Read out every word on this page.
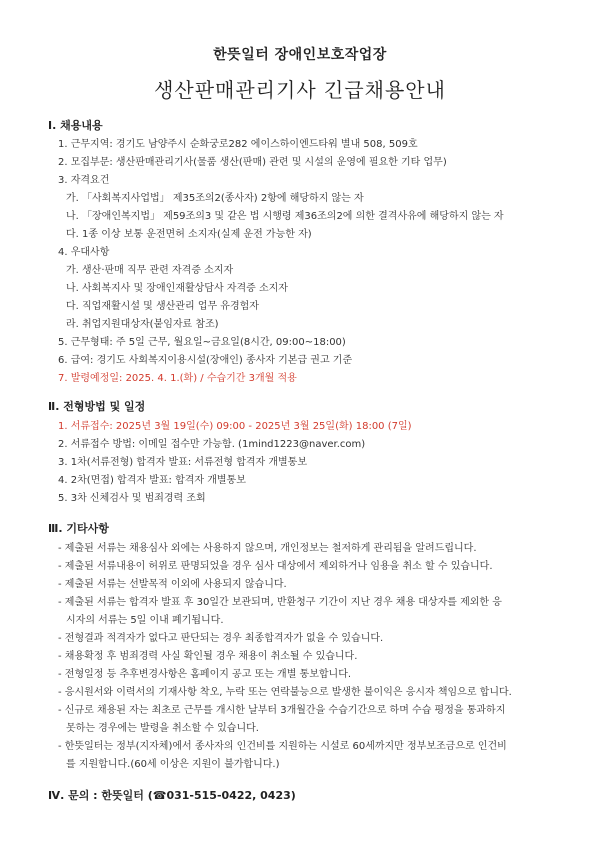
한뜻일터 장애인보호작업장
생산판매관리기사 긴급채용안내
Ⅰ. 채용내용
1. 근무지역: 경기도 남양주시 순화궁로282 에이스하이엔드타워 별내 508, 509호
2. 모집부문: 생산판매관리기사(물품 생산(판매) 관련 및 시설의 운영에 필요한 기타 업무)
3. 자격요건
가. 「사회복지사업법」 제35조의2(종사자) 2항에 해당하지 않는 자
나. 「장애인복지법」 제59조의3 및 같은 법 시행령 제36조의2에 의한 결격사유에 해당하지 않는 자
다. 1종 이상 보통 운전면허 소지자(실제 운전 가능한 자)
4. 우대사항
가. 생산·판매 직무 관련 자격증 소지자
나. 사회복지사 및 장애인재활상담사 자격증 소지자
다. 직업재활시설 및 생산관리 업무 유경험자
라. 취업지원대상자(붙임자료 참조)
5. 근무형태: 주 5일 근무, 월요일~금요일(8시간, 09:00~18:00)
6. 급여: 경기도 사회복지이용시설(장애인) 종사자 기본급 권고 기준
7. 발령예정일: 2025. 4. 1.(화) / 수습기간 3개월 적용
Ⅱ. 전형방법 및 일정
1. 서류접수: 2025년 3월 19일(수) 09:00 - 2025년 3월 25일(화) 18:00 (7일)
2. 서류접수 방법: 이메일 접수만 가능함. (1mind1223@naver.com)
3. 1차(서류전형) 합격자 발표: 서류전형 합격자 개별통보
4. 2차(면접) 합격자 발표: 합격자 개별통보
5. 3차 신체검사 및 범죄경력 조회
Ⅲ. 기타사항
- 제출된 서류는 채용심사 외에는 사용하지 않으며, 개인정보는 철저하게 관리됨을 알려드립니다.
- 제출된 서류내용이 허위로 판명되었을 경우 심사 대상에서 제외하거나 임용을 취소 할 수 있습니다.
- 제출된 서류는 선발목적 이외에 사용되지 않습니다.
- 제출된 서류는 합격자 발표 후 30일간 보관되며, 반환청구 기간이 지난 경우 채용 대상자를 제외한 응
시자의 서류는 5일 이내 폐기됩니다.
- 전형결과 적격자가 없다고 판단되는 경우 최종합격자가 없을 수 있습니다.
- 채용확정 후 범죄경력 사실 확인될 경우 채용이 취소될 수 있습니다.
- 전형일정 등 추후변경사항은 홈페이지 공고 또는 개별 통보합니다.
- 응시원서와 이력서의 기재사항 착오, 누락 또는 연락불능으로 발생한 불이익은 응시자 책임으로 합니다.
- 신규로 채용된 자는 최초로 근무를 개시한 날부터 3개월간을 수습기간으로 하며 수습 평정을 통과하지
못하는 경우에는 발령을 취소할 수 있습니다.
- 한뜻일터는 정부(지자체)에서 종사자의 인건비를 지원하는 시설로 60세까지만 정부보조금으로 인건비
를 지원합니다.(60세 이상은 지원이 불가합니다.)
Ⅳ. 문의 : 한뜻일터 (☎031-515-0422, 0423)
